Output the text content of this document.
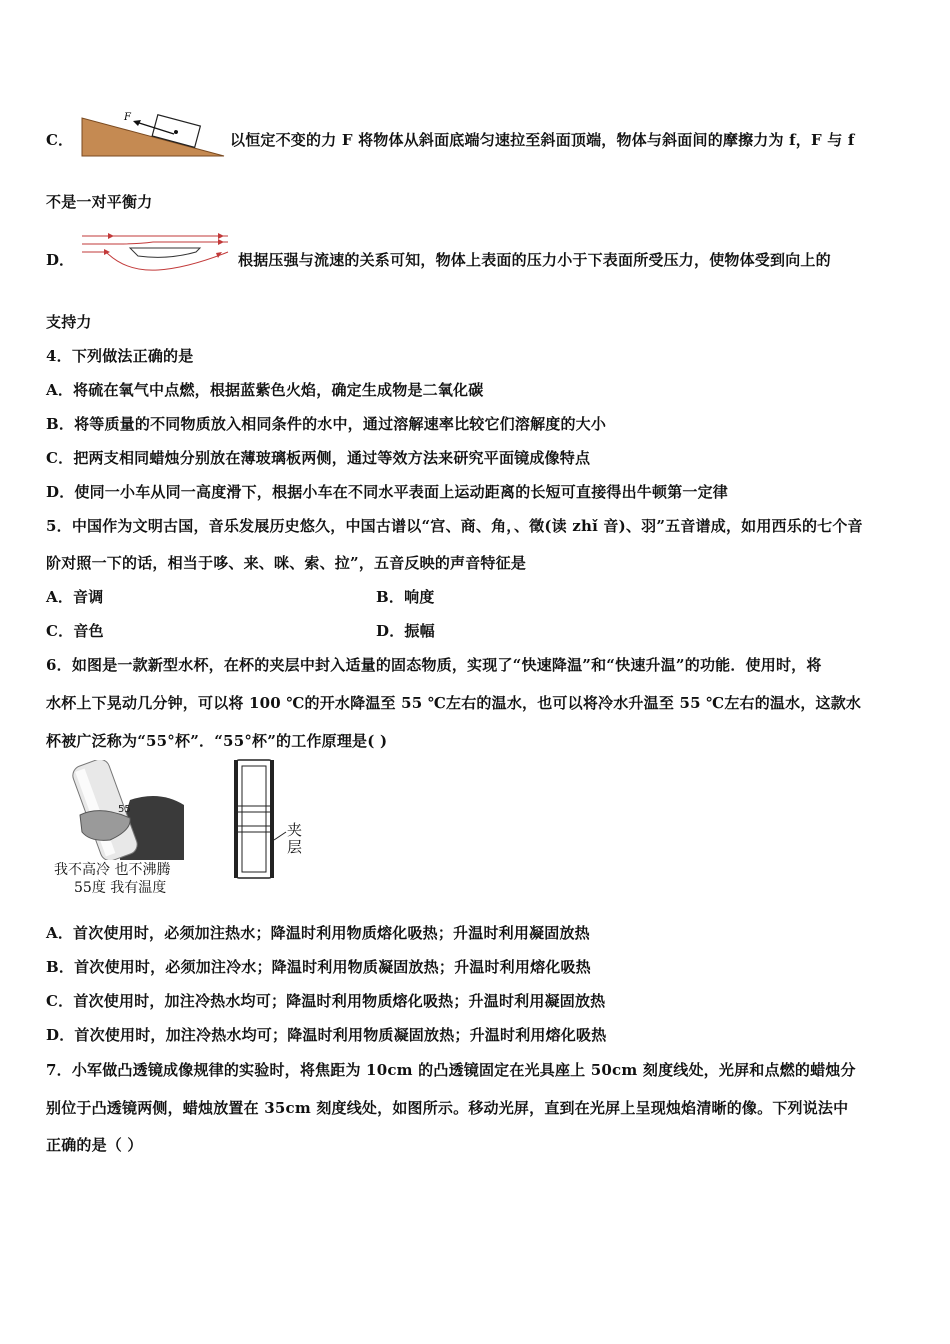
C．
F
以恒定不变的力 F 将物体从斜面底端匀速拉至斜面顶端，物体与斜面间的摩擦力为 f，F 与 f
不是一对平衡力
D．	根据压强与流速的关系可知，物体上表面的压力小于下表面所受压力，使物体受到向上的
支持力
4．下列做法正确的是
A．将硫在氧气中点燃，根据蓝紫色火焰，确定生成物是二氧化碳
B．将等质量的不同物质放入相同条件的水中，通过溶解速率比较它们溶解度的大小
C．把两支相同蜡烛分别放在薄玻璃板两侧，通过等效方法来研究平面镜成像特点
D．使同一小车从同一高度滑下，根据小车在不同水平表面上运动距离的长短可直接得出牛顿第一定律
5．中国作为文明古国，音乐发展历史悠久，中国古谱以“宫、商、角，、徵(读 zhǐ 音)、羽”五音谱成，如用西乐的七个音
阶对照一下的话，相当于哆、来、咪、索、拉”，五音反映的声音特征是
A．音调	B．响度
C．音色	D．振幅
6．如图是一款新型水杯，在杯的夹层中封入适量的固态物质，实现了“快速降温”和“快速升温”的功能．使用时，将
水杯上下晃动几分钟，可以将 100 ℃的开水降温至 55 ℃左右的温水，也可以将冷水升温至 55 ℃左右的温水，这款水
杯被广泛称为“55°杯”．“55°杯”的工作原理是( )
55
我不高冷 也不沸腾
55度 我有温度
夹层
A．首次使用时，必须加注热水；降温时利用物质熔化吸热；升温时利用凝固放热
B．首次使用时，必须加注冷水；降温时利用物质凝固放热；升温时利用熔化吸热
C．首次使用时，加注冷热水均可；降温时利用物质熔化吸热；升温时利用凝固放热
D．首次使用时，加注冷热水均可；降温时利用物质凝固放热；升温时利用熔化吸热
7．小军做凸透镜成像规律的实验时，将焦距为 10cm 的凸透镜固定在光具座上 50cm 刻度线处，光屏和点燃的蜡烛分
别位于凸透镜两侧，蜡烛放置在 35cm 刻度线处，如图所示。移动光屏，直到在光屏上呈现烛焰清晰的像。下列说法中
正确的是（ ）
